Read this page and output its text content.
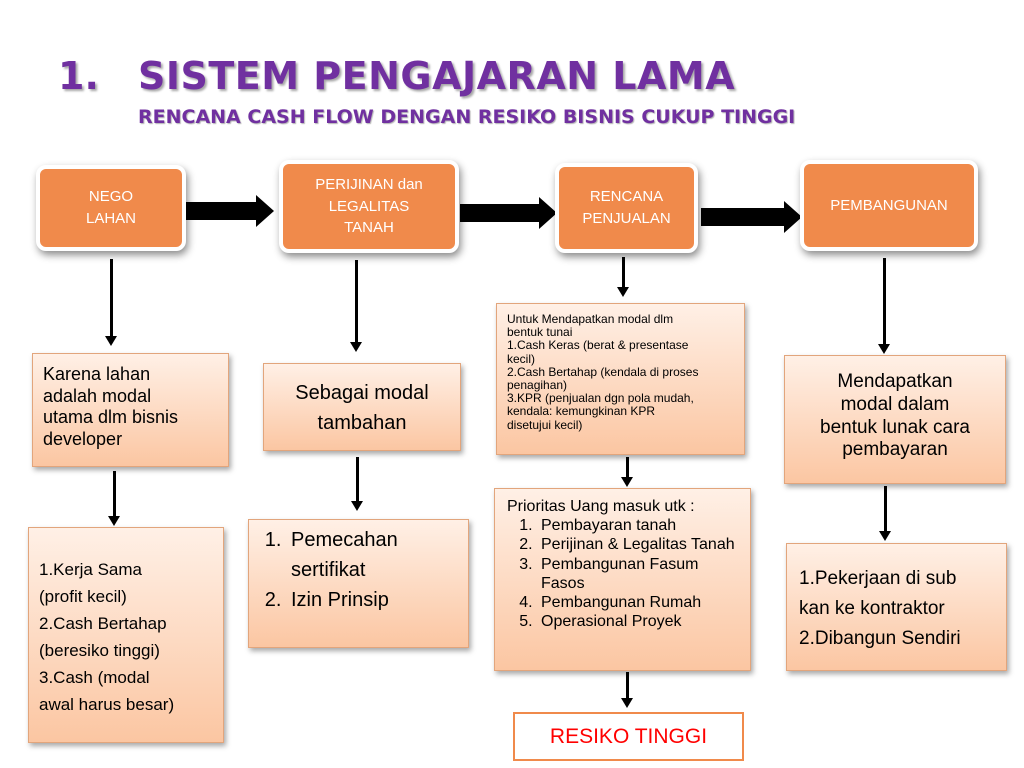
1. SISTEM PENGAJARAN LAMA
RENCANA CASH FLOW DENGAN RESIKO BISNIS CUKUP TINGGI
NEGO
LAHAN
PERIJINAN dan
LEGALITAS
TANAH
RENCANA
PENJUALAN
PEMBANGUNAN
Karena lahan
adalah modal
utama dlm bisnis
developer
1.Kerja Sama
(profit kecil)
2.Cash Bertahap
(beresiko tinggi)
3.Cash (modal
awal harus besar)
Sebagai modal
tambahan
1. Pemecahan sertifikat
2. Izin Prinsip
Untuk Mendapatkan modal dlm
bentuk tunai
1.Cash Keras (berat & presentase
kecil)
2.Cash Bertahap (kendala di proses
penagihan)
3.KPR (penjualan dgn pola mudah,
kendala: kemungkinan KPR
disetujui kecil)
Prioritas Uang masuk utk :
1. Pembayaran tanah
2. Perijinan & Legalitas Tanah
3. Pembangunan Fasum Fasos
4. Pembangunan Rumah
5. Operasional Proyek
Mendapatkan
modal dalam
bentuk lunak cara
pembayaran
1.Pekerjaan di sub
kan ke kontraktor
2.Dibangun Sendiri
RESIKO TINGGI
